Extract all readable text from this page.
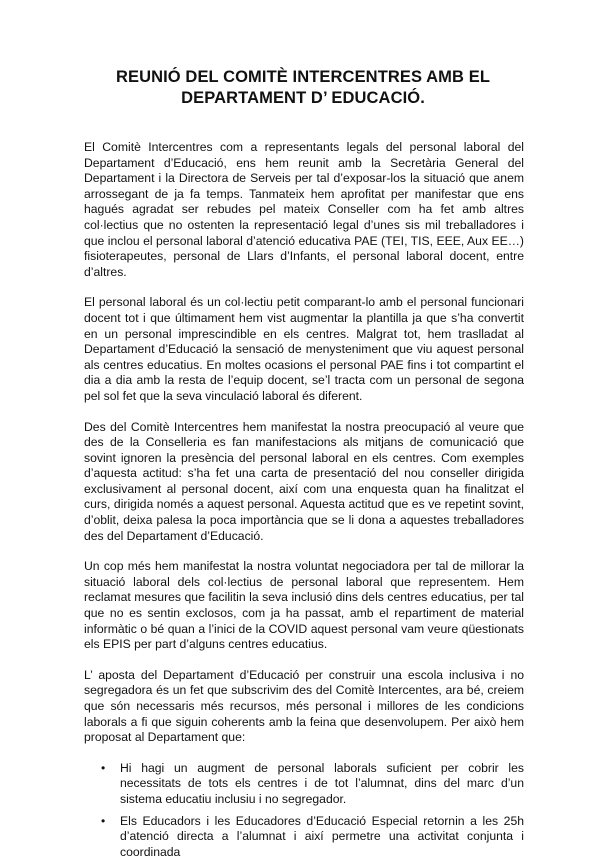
REUNIÓ DEL COMITÈ INTERCENTRES AMB EL
DEPARTAMENT D’ EDUCACIÓ.

El Comitè Intercentres com a representants legals del personal laboral del Departament d’Educació, ens hem reunit amb la Secretària General del Departament i la Directora de Serveis per tal d’exposar-los la situació que anem arrossegant de ja fa temps. Tanmateix hem aprofitat per manifestar que ens hagués agradat ser rebudes pel mateix Conseller com ha fet amb altres col·lectius que no ostenten la representació legal d’unes sis mil treballadores i que inclou el personal laboral d’atenció educativa PAE (TEI, TIS, EEE, Aux EE…) fisioterapeutes, personal de Llars d’Infants, el personal laboral docent, entre d’altres.

El personal laboral és un col·lectiu petit comparant-lo amb el personal funcionari docent tot i que últimament hem vist augmentar la plantilla ja que s’ha convertit en un personal imprescindible en els centres. Malgrat tot, hem traslladat al Departament d’Educació la sensació de menysteniment que viu aquest personal als centres educatius. En moltes ocasions el personal PAE fins i tot compartint el dia a dia amb la resta de l’equip docent, se’l tracta com un personal de segona pel sol fet que la seva vinculació laboral és diferent.

Des del Comitè Intercentres hem manifestat la nostra preocupació al veure que des de la Conselleria es fan manifestacions als mitjans de comunicació que sovint ignoren la presència del personal laboral en els centres. Com exemples d’aquesta actitud: s’ha fet una carta de presentació del nou conseller dirigida exclusivament al personal docent, així com una enquesta quan ha finalitzat el curs, dirigida només a aquest personal. Aquesta actitud que es ve repetint sovint, d’oblit, deixa palesa la poca importància que se li dona a aquestes treballadores des del Departament d’Educació.

Un cop més hem manifestat la nostra voluntat negociadora per tal de millorar la situació laboral dels col·lectius de personal laboral que representem. Hem reclamat mesures que facilitin la seva inclusió dins dels centres educatius, per tal que no es sentin exclosos, com ja ha passat, amb el repartiment de material informàtic o bé quan a l’inici de la COVID aquest personal vam veure qüestionats els EPIS per part d’alguns centres educatius.

L’ aposta del Departament d’Educació per construir una escola inclusiva i no segregadora és un fet que subscrivim des del Comitè Intercentes, ara bé, creiem que són necessaris més recursos, més personal i millores de les condicions laborals a fi que siguin coherents amb la feina que desenvolupem. Per això hem proposat al Departament que:

• Hi hagi un augment de personal laborals suficient per cobrir les necessitats de tots els centres i de tot l’alumnat, dins del marc d’un sistema educatiu inclusiu i no segregador.
• Els Educadors i les Educadores d’Educació Especial retornin a les 25h d’atenció directa a l’alumnat i així permetre una activitat conjunta i coordinada
